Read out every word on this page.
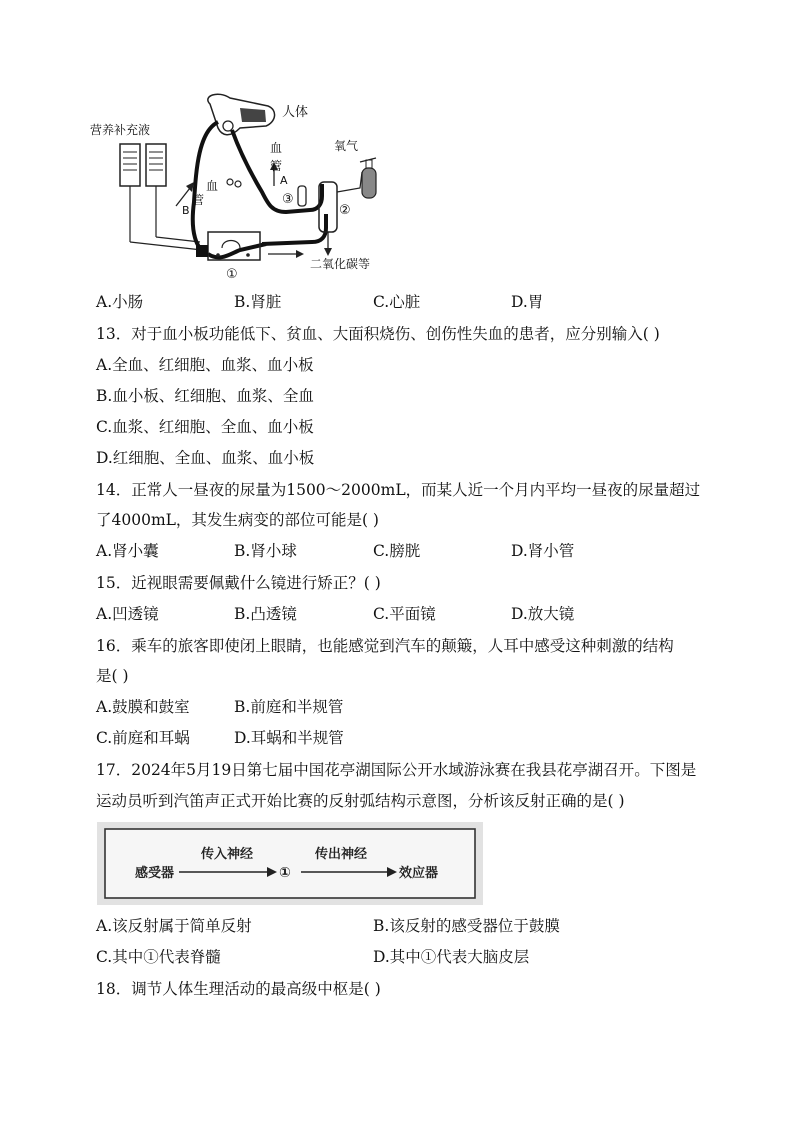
人体
营养补充液
氧气
血
管
A
血
管
B
①
②
③
二氧化碳等
A.小肠	B.肾脏	C.心脏	D.胃
13．对于血小板功能低下、贫血、大面积烧伤、创伤性失血的患者，应分别输入( )
A.全血、红细胞、血浆、血小板
B.血小板、红细胞、血浆、全血
C.血浆、红细胞、全血、血小板
D.红细胞、全血、血浆、血小板
14．正常人一昼夜的尿量为1500～2000mL，而某人近一个月内平均一昼夜的尿量超过
了4000mL，其发生病变的部位可能是( )
A.肾小囊	B.肾小球	C.膀胱	D.肾小管
15．近视眼需要佩戴什么镜进行矫正？( )
A.凹透镜	B.凸透镜	C.平面镜	D.放大镜
16．乘车的旅客即使闭上眼睛，也能感觉到汽车的颠簸，人耳中感受这种刺激的结构
是( )
A.鼓膜和鼓室	B.前庭和半规管
C.前庭和耳蜗	D.耳蜗和半规管
17．2024年5月19日第七届中国花亭湖国际公开水域游泳赛在我县花亭湖召开。下图是
运动员听到汽笛声正式开始比赛的反射弧结构示意图，分析该反射正确的是( )
感受器
传入神经
①
传出神经
效应器
A.该反射属于简单反射	B.该反射的感受器位于鼓膜
C.其中①代表脊髓	D.其中①代表大脑皮层
18．调节人体生理活动的最高级中枢是( )
